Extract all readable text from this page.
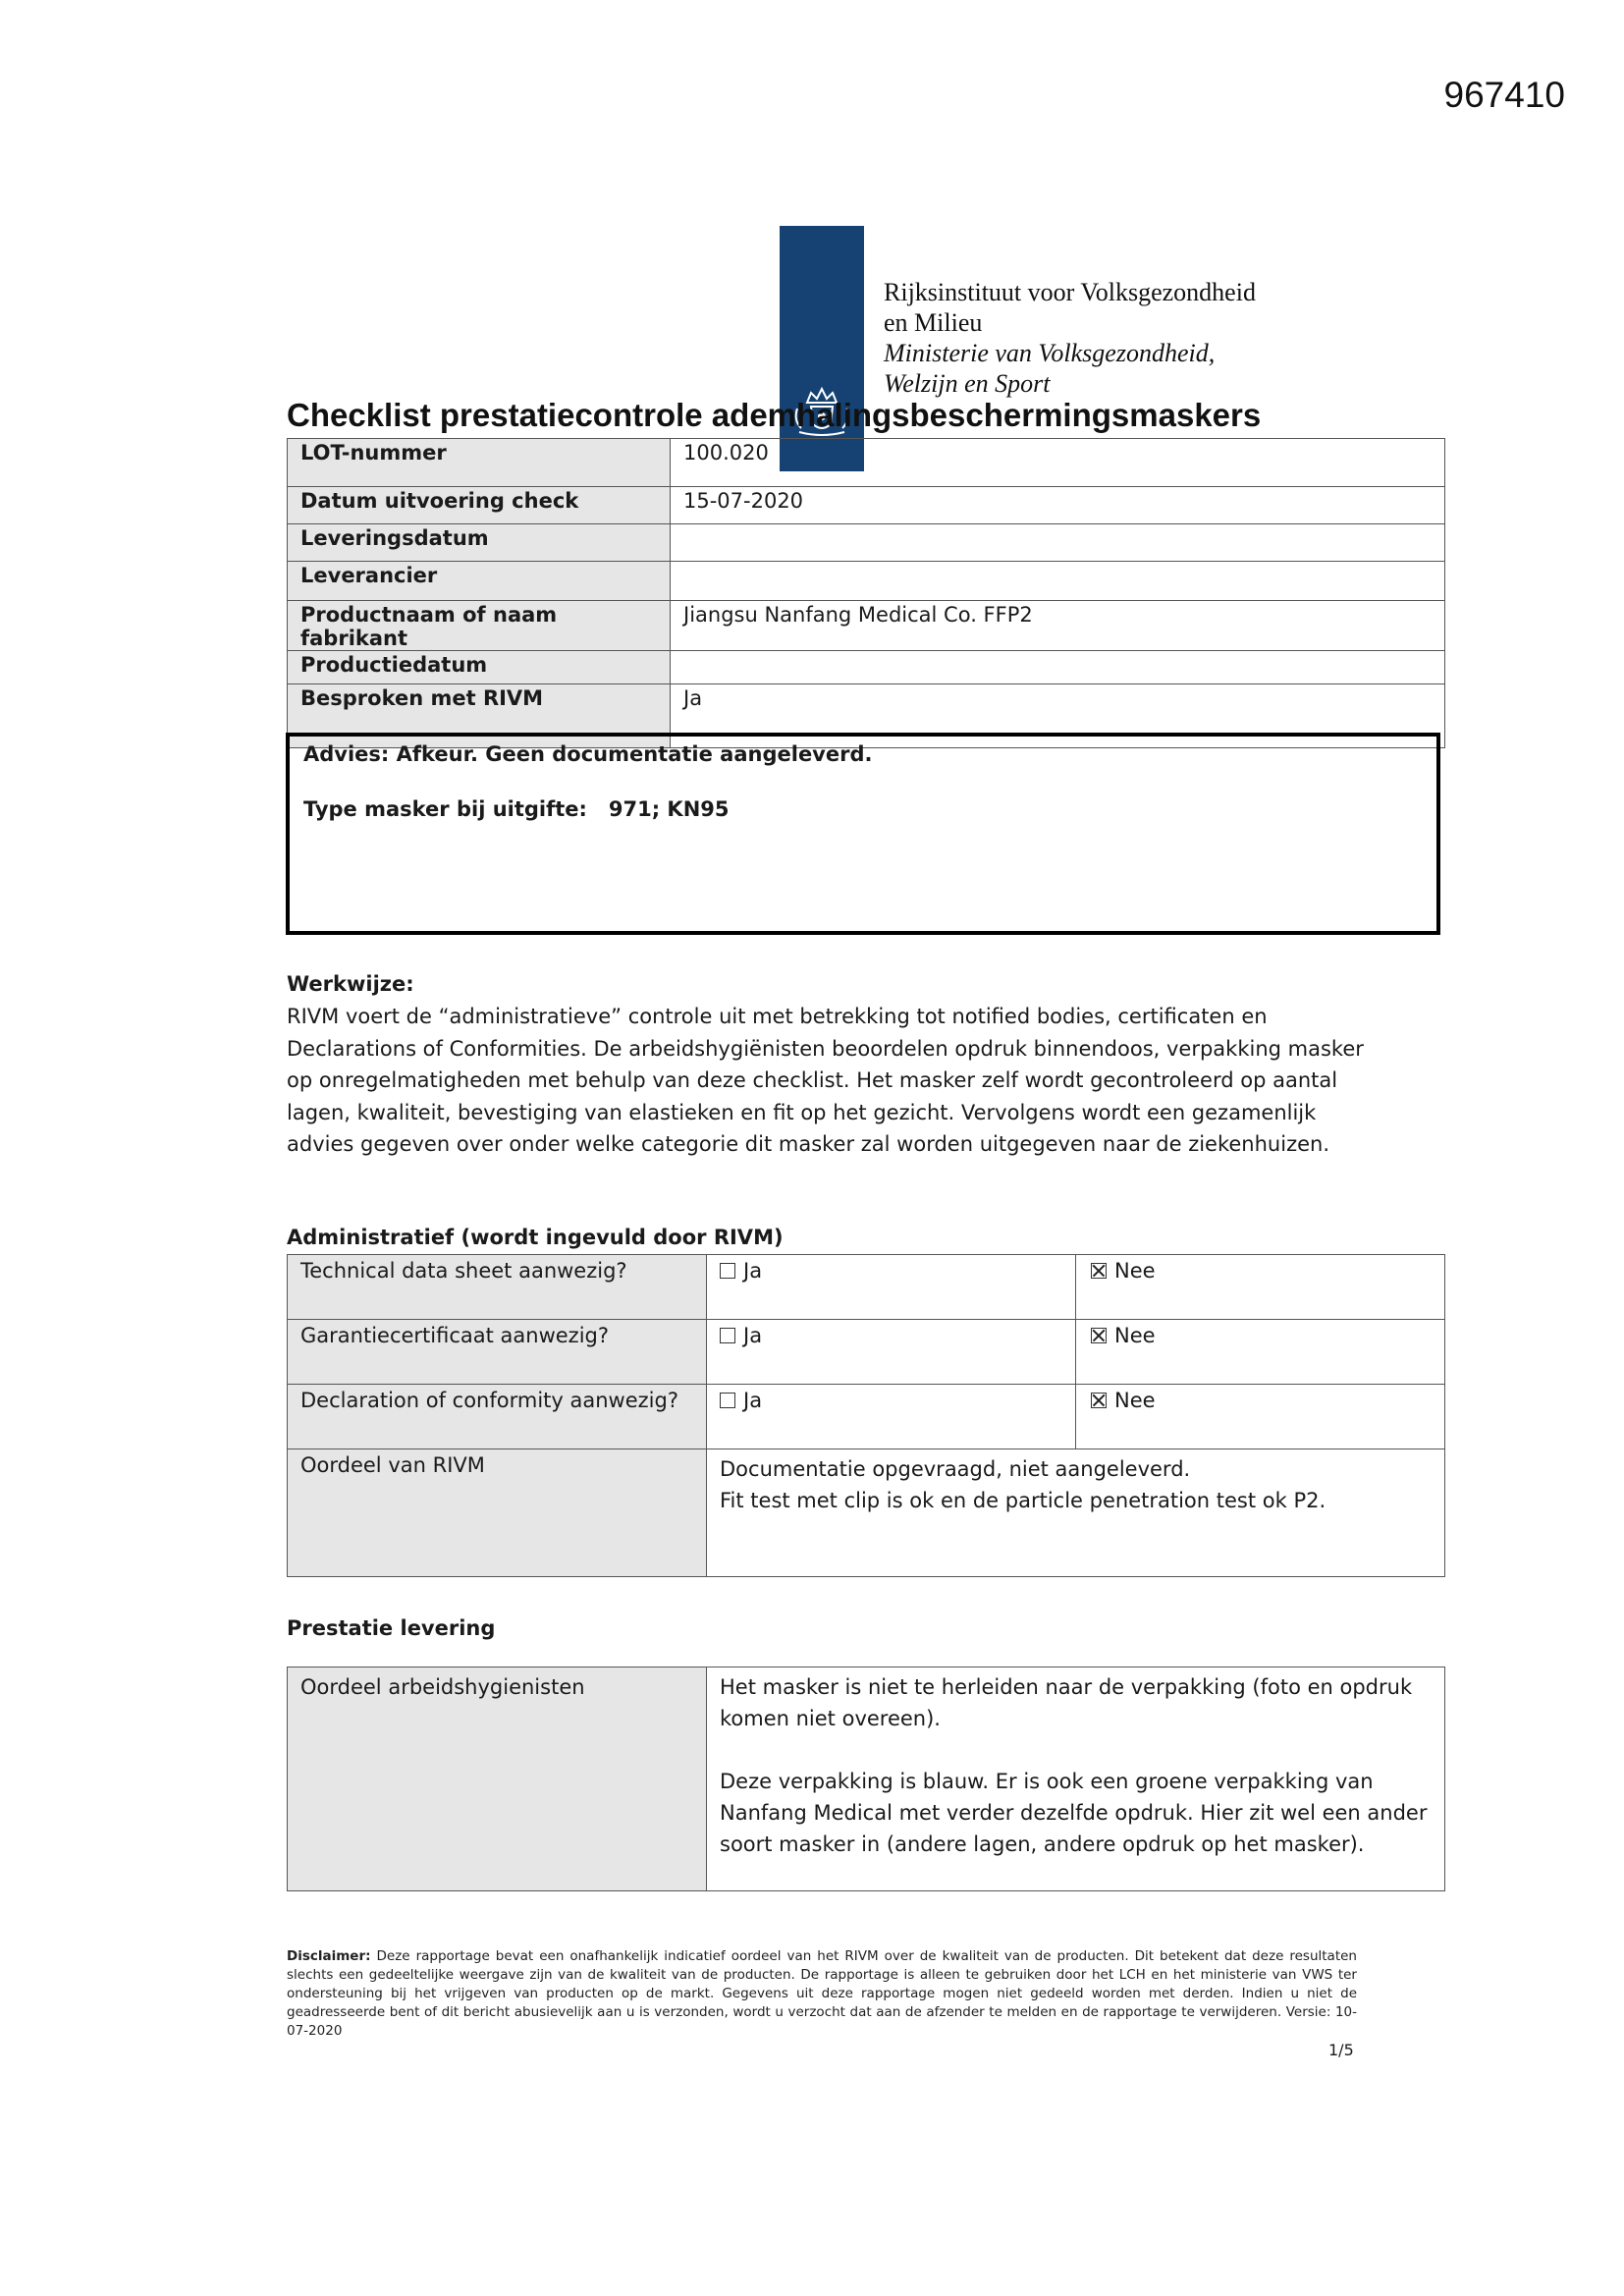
967410
Rijksinstituut voor Volksgezondheid
en Milieu
Ministerie van Volksgezondheid,
Welzijn en Sport
Checklist prestatiecontrole ademhalingsbeschermingsmaskers
LOT-nummer	100.020
Datum uitvoering check	15-07-2020
Leveringsdatum	
Leverancier	
Productnaam of naam fabrikant	Jiangsu Nanfang Medical Co. FFP2
Productiedatum	
Besproken met RIVM	Ja

Advies: Afkeur. Geen documentatie aangeleverd.

Type masker bij uitgifte:   971; KN95

Werkwijze:
RIVM voert de “administratieve” controle uit met betrekking tot notified bodies, certificaten en Declarations of Conformities. De arbeidshygiënisten beoordelen opdruk binnendoos, verpakking masker op onregelmatigheden met behulp van deze checklist. Het masker zelf wordt gecontroleerd op aantal lagen, kwaliteit, bevestiging van elastieken en fit op het gezicht. Vervolgens wordt een gezamenlijk advies gegeven over onder welke categorie dit masker zal worden uitgegeven naar de ziekenhuizen.
Administratief (wordt ingevuld door RIVM)
Technical data sheet aanwezig?	Ja	Nee
Garantiecertificaat aanwezig?	Ja	Nee
Declaration of conformity aanwezig?	Ja	Nee
Oordeel van RIVM	Documentatie opgevraagd, niet aangeleverd.
Fit test met clip is ok en de particle penetration test ok P2.	
Prestatie levering
Oordeel arbeidshygienisten	Het masker is niet te herleiden naar de verpakking (foto en opdruk komen niet overeen).
Deze verpakking is blauw. Er is ook een groene verpakking van Nanfang Medical met verder dezelfde opdruk. Hier zit wel een ander soort masker in (andere lagen, andere opdruk op het masker).
Disclaimer: Deze rapportage bevat een onafhankelijk indicatief oordeel van het RIVM over de kwaliteit van de producten. Dit betekent dat deze resultaten slechts een gedeeltelijke weergave zijn van de kwaliteit van de producten. De rapportage is alleen te gebruiken door het LCH en het ministerie van VWS ter ondersteuning bij het vrijgeven van producten op de markt. Gegevens uit deze rapportage mogen niet gedeeld worden met derden. Indien u niet de geadresseerde bent of dit bericht abusievelijk aan u is verzonden, wordt u verzocht dat aan de afzender te melden en de rapportage te verwijderen. Versie: 10-07-2020
1/5
